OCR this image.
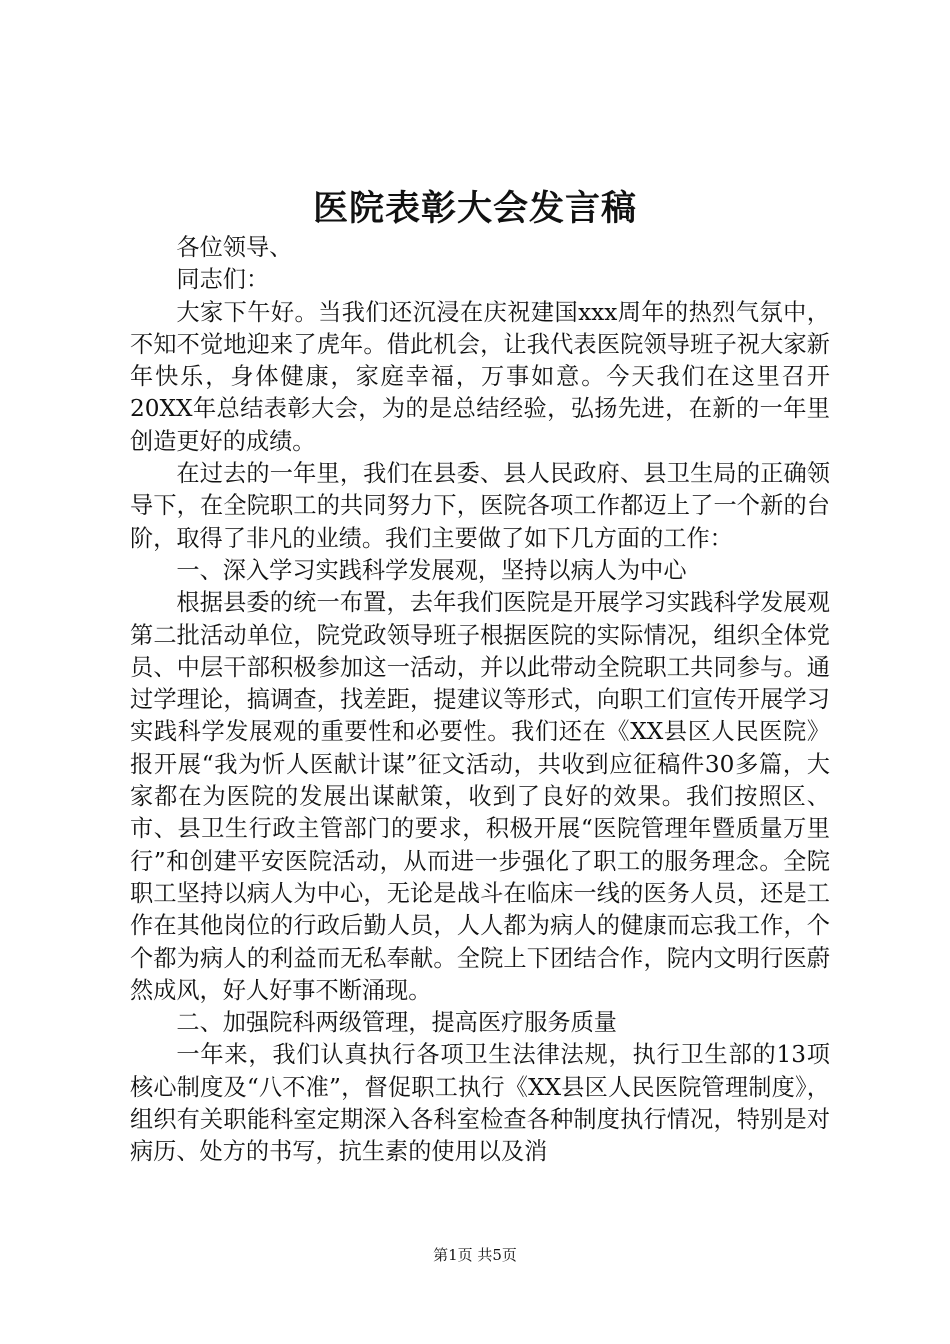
医院表彰大会发言稿

各位领导、

同志们：

大家下午好。当我们还沉浸在庆祝建国xxx周年的热烈气氛中，不知不觉地迎来了虎年。借此机会，让我代表医院领导班子祝大家新年快乐，身体健康，家庭幸福，万事如意。今天我们在这里召开20XX年总结表彰大会，为的是总结经验，弘扬先进，在新的一年里创造更好的成绩。

在过去的一年里，我们在县委、县人民政府、县卫生局的正确领导下，在全院职工的共同努力下，医院各项工作都迈上了一个新的台阶，取得了非凡的业绩。我们主要做了如下几方面的工作：

一、深入学习实践科学发展观，坚持以病人为中心

根据县委的统一布置，去年我们医院是开展学习实践科学发展观第二批活动单位，院党政领导班子根据医院的实际情况，组织全体党员、中层干部积极参加这一活动，并以此带动全院职工共同参与。通过学理论，搞调查，找差距，提建议等形式，向职工们宣传开展学习实践科学发展观的重要性和必要性。我们还在《XX县区人民医院》报开展“我为忻人医献计谋”征文活动，共收到应征稿件30多篇，大家都在为医院的发展出谋献策，收到了良好的效果。我们按照区、市、县卫生行政主管部门的要求，积极开展“医院管理年暨质量万里行”和创建平安医院活动，从而进一步强化了职工的服务理念。全院职工坚持以病人为中心，无论是战斗在临床一线的医务人员，还是工作在其他岗位的行政后勤人员，人人都为病人的健康而忘我工作，个个都为病人的利益而无私奉献。全院上下团结合作，院内文明行医蔚然成风，好人好事不断涌现。

二、加强院科两级管理，提高医疗服务质量

一年来，我们认真执行各项卫生法律法规，执行卫生部的13项核心制度及“八不准”，督促职工执行《XX县区人民医院管理制度》，组织有关职能科室定期深入各科室检查各种制度执行情况，特别是对病历、处方的书写，抗生素的使用以及消

第1页 共5页
